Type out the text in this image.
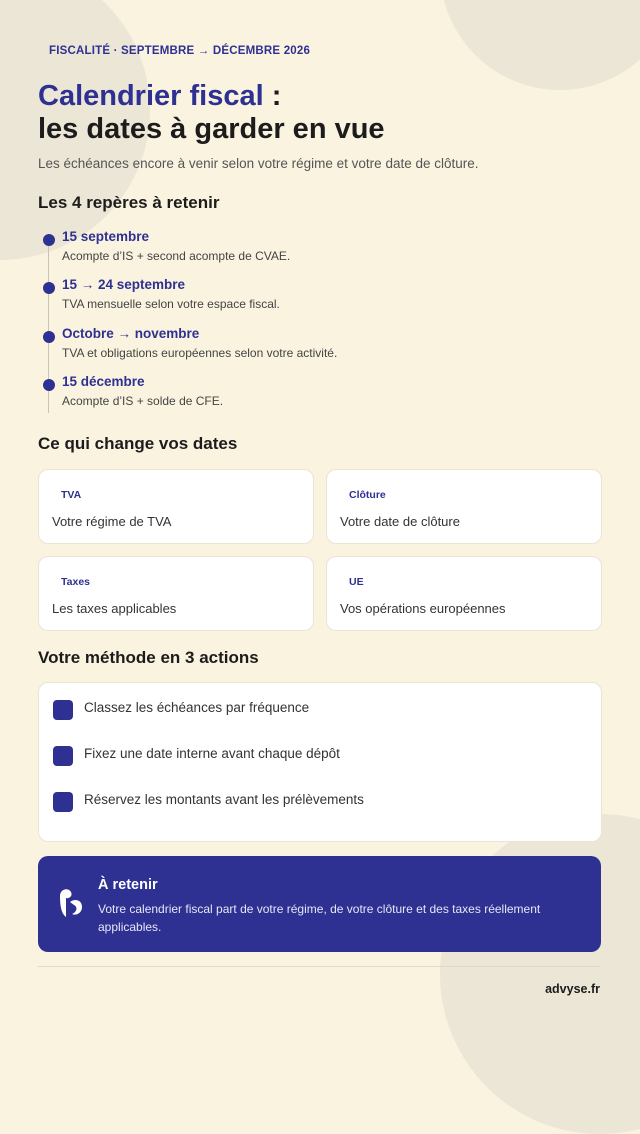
FISCALITÉ · SEPTEMBRE → DÉCEMBRE 2026
Calendrier fiscal :
les dates à garder en vue
Les échéances encore à venir selon votre régime et votre date de clôture.
Les 4 repères à retenir
15 septembre
Acompte d’IS + second acompte de CVAE.
15 → 24 septembre
TVA mensuelle selon votre espace fiscal.
Octobre → novembre
TVA et obligations européennes selon votre activité.
15 décembre
Acompte d’IS + solde de CFE.
Ce qui change vos dates
TVA
Votre régime de TVA
Clôture
Votre date de clôture
Taxes
Les taxes applicables
UE
Vos opérations européennes
Votre méthode en 3 actions
Classez les échéances par fréquence
Fixez une date interne avant chaque dépôt
Réservez les montants avant les prélèvements
À retenir
Votre calendrier fiscal part de votre régime, de votre clôture et des taxes réellement applicables.
advyse.fr
